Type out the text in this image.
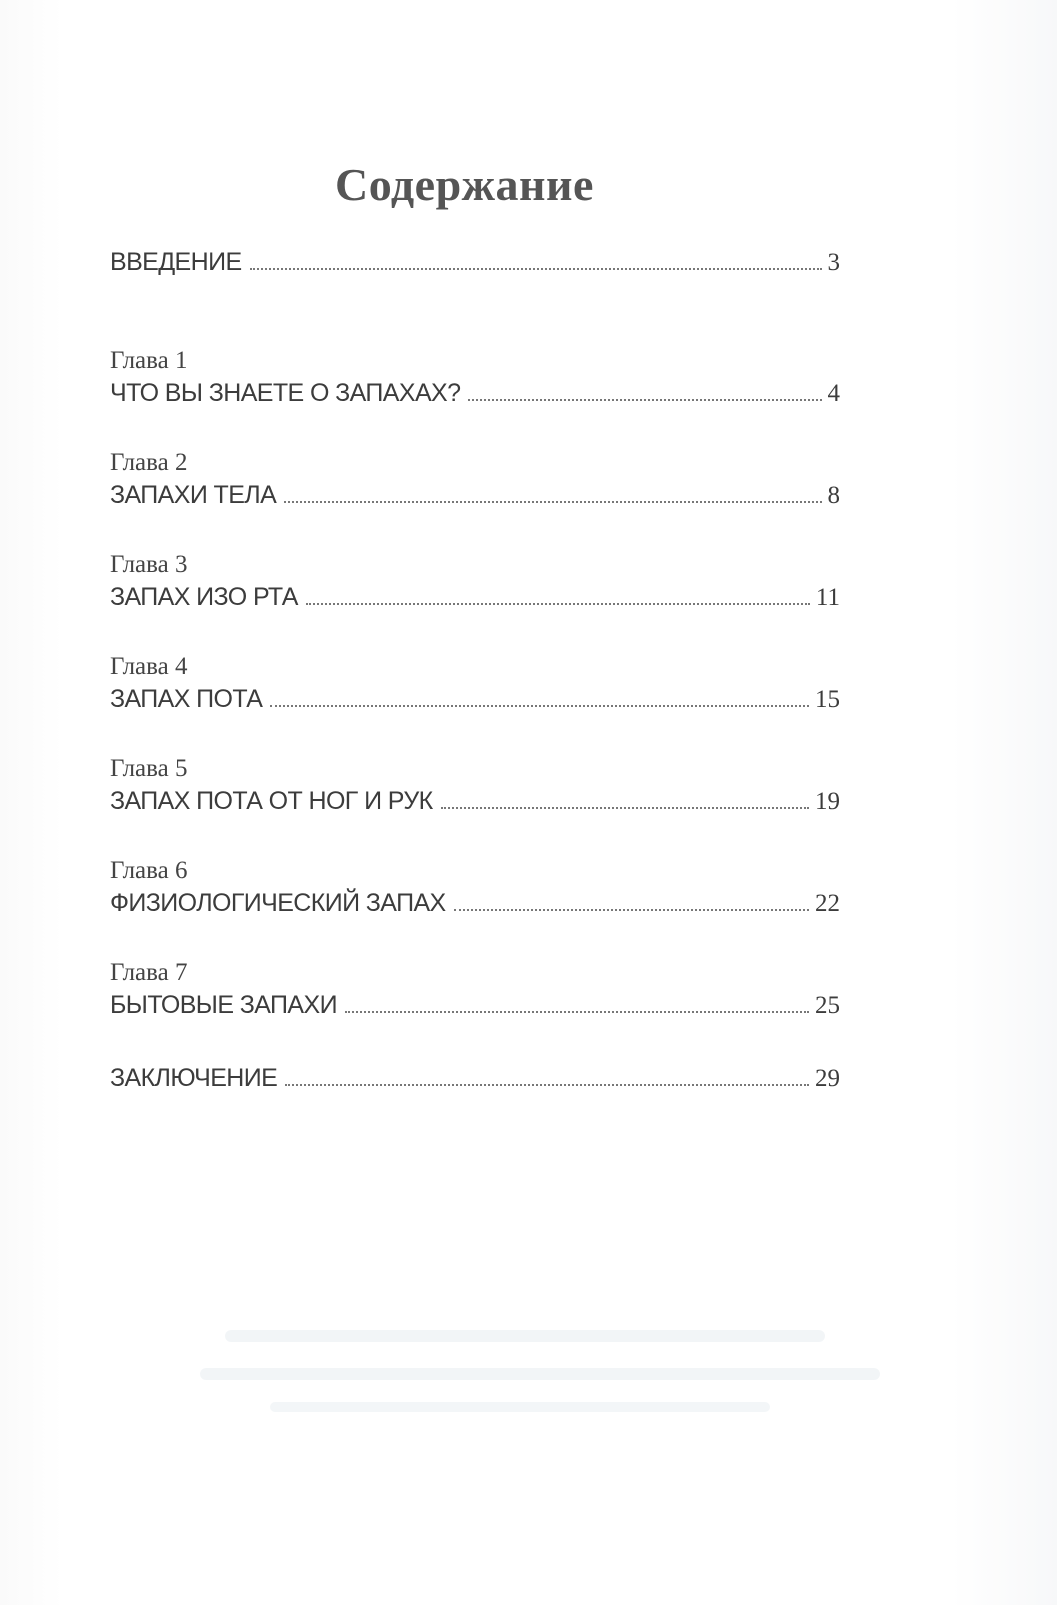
Содержание
ВВЕДЕНИЕ	3
Глава 1
ЧТО ВЫ ЗНАЕТЕ О ЗАПАХАХ?	4
Глава 2
ЗАПАХИ ТЕЛА	8
Глава 3
ЗАПАХ ИЗО РТА	11
Глава 4
ЗАПАХ ПОТА	15
Глава 5
ЗАПАХ ПОТА ОТ НОГ И РУК	19
Глава 6
ФИЗИОЛОГИЧЕСКИЙ ЗАПАХ	22
Глава 7
БЫТОВЫЕ ЗАПАХИ	25
ЗАКЛЮЧЕНИЕ	29
